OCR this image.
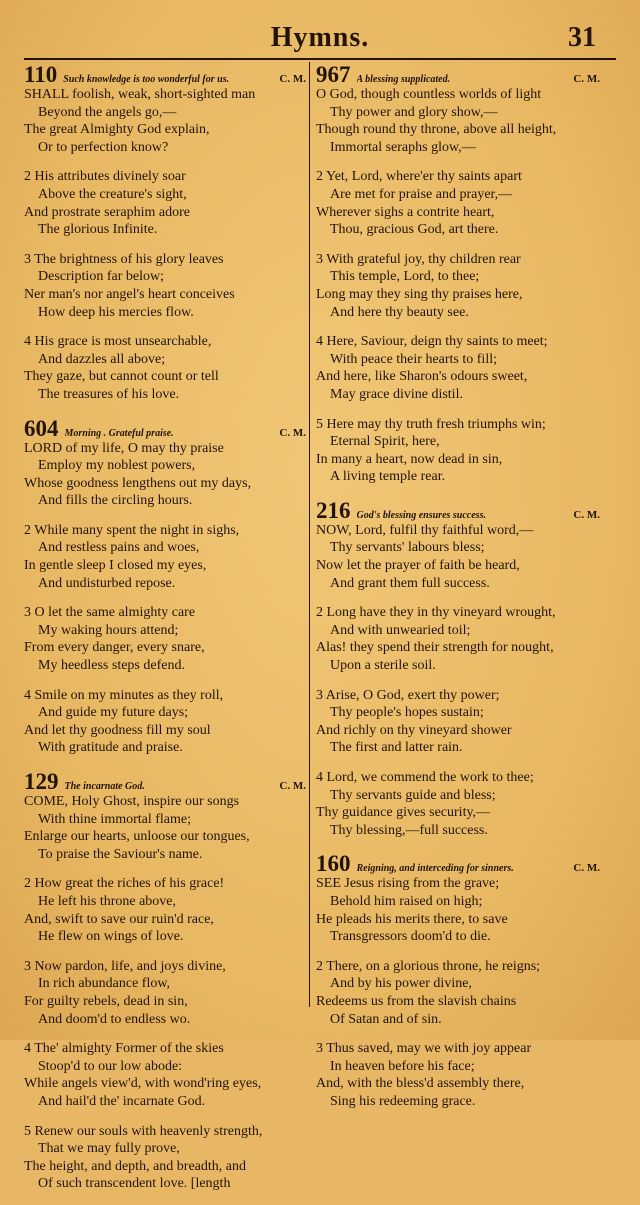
Hymns.	31
110 Such knowledge is too wonderful for us.	C. M.
SHALL foolish, weak, short-sighted man
Beyond the angels go,—
The great Almighty God explain,
Or to perfection know?
2 His attributes divinely soar
Above the creature's sight,
And prostrate seraphim adore
The glorious Infinite.
3 The brightness of his glory leaves
Description far below;
Ner man's nor angel's heart conceives
How deep his mercies flow.
4 His grace is most unsearchable,
And dazzles all above;
They gaze, but cannot count or tell
The treasures of his love.
604 Morning . Grateful praise.	C. M.
LORD of my life, O may thy praise
Employ my noblest powers,
Whose goodness lengthens out my days,
And fills the circling hours.
2 While many spent the night in sighs,
And restless pains and woes,
In gentle sleep I closed my eyes,
And undisturbed repose.
3 O let the same almighty care
My waking hours attend;
From every danger, every snare,
My heedless steps defend.
4 Smile on my minutes as they roll,
And guide my future days;
And let thy goodness fill my soul
With gratitude and praise.
129 The incarnate God.	C. M.
COME, Holy Ghost, inspire our songs
With thine immortal flame;
Enlarge our hearts, unloose our tongues,
To praise the Saviour's name.
2 How great the riches of his grace!
He left his throne above,
And, swift to save our ruin'd race,
He flew on wings of love.
3 Now pardon, life, and joys divine,
In rich abundance flow,
For guilty rebels, dead in sin,
And doom'd to endless wo.
4 The' almighty Former of the skies
Stoop'd to our low abode:
While angels view'd, with wond'ring eyes,
And hail'd the' incarnate God.
5 Renew our souls with heavenly strength,
That we may fully prove,
The height, and depth, and breadth, and
Of such transcendent love. [length
967 A blessing supplicated.	C. M.
O God, though countless worlds of light
Thy power and glory show,—
Though round thy throne, above all height,
Immortal seraphs glow,—
2 Yet, Lord, where'er thy saints apart
Are met for praise and prayer,—
Wherever sighs a contrite heart,
Thou, gracious God, art there.
3 With grateful joy, thy children rear
This temple, Lord, to thee;
Long may they sing thy praises here,
And here thy beauty see.
4 Here, Saviour, deign thy saints to meet;
With peace their hearts to fill;
And here, like Sharon's odours sweet,
May grace divine distil.
5 Here may thy truth fresh triumphs win;
Eternal Spirit, here,
In many a heart, now dead in sin,
A living temple rear.
216 God's blessing ensures success.	C. M.
NOW, Lord, fulfil thy faithful word,—
Thy servants' labours bless;
Now let the prayer of faith be heard,
And grant them full success.
2 Long have they in thy vineyard wrought,
And with unwearied toil;
Alas! they spend their strength for nought,
Upon a sterile soil.
3 Arise, O God, exert thy power;
Thy people's hopes sustain;
And richly on thy vineyard shower
The first and latter rain.
4 Lord, we commend the work to thee;
Thy servants guide and bless;
Thy guidance gives security,—
Thy blessing,—full success.
160 Reigning, and interceding for sinners.	C. M.
SEE Jesus rising from the grave;
Behold him raised on high;
He pleads his merits there, to save
Transgressors doom'd to die.
2 There, on a glorious throne, he reigns;
And by his power divine,
Redeems us from the slavish chains
Of Satan and of sin.
3 Thus saved, may we with joy appear
In heaven before his face;
And, with the bless'd assembly there,
Sing his redeeming grace.
